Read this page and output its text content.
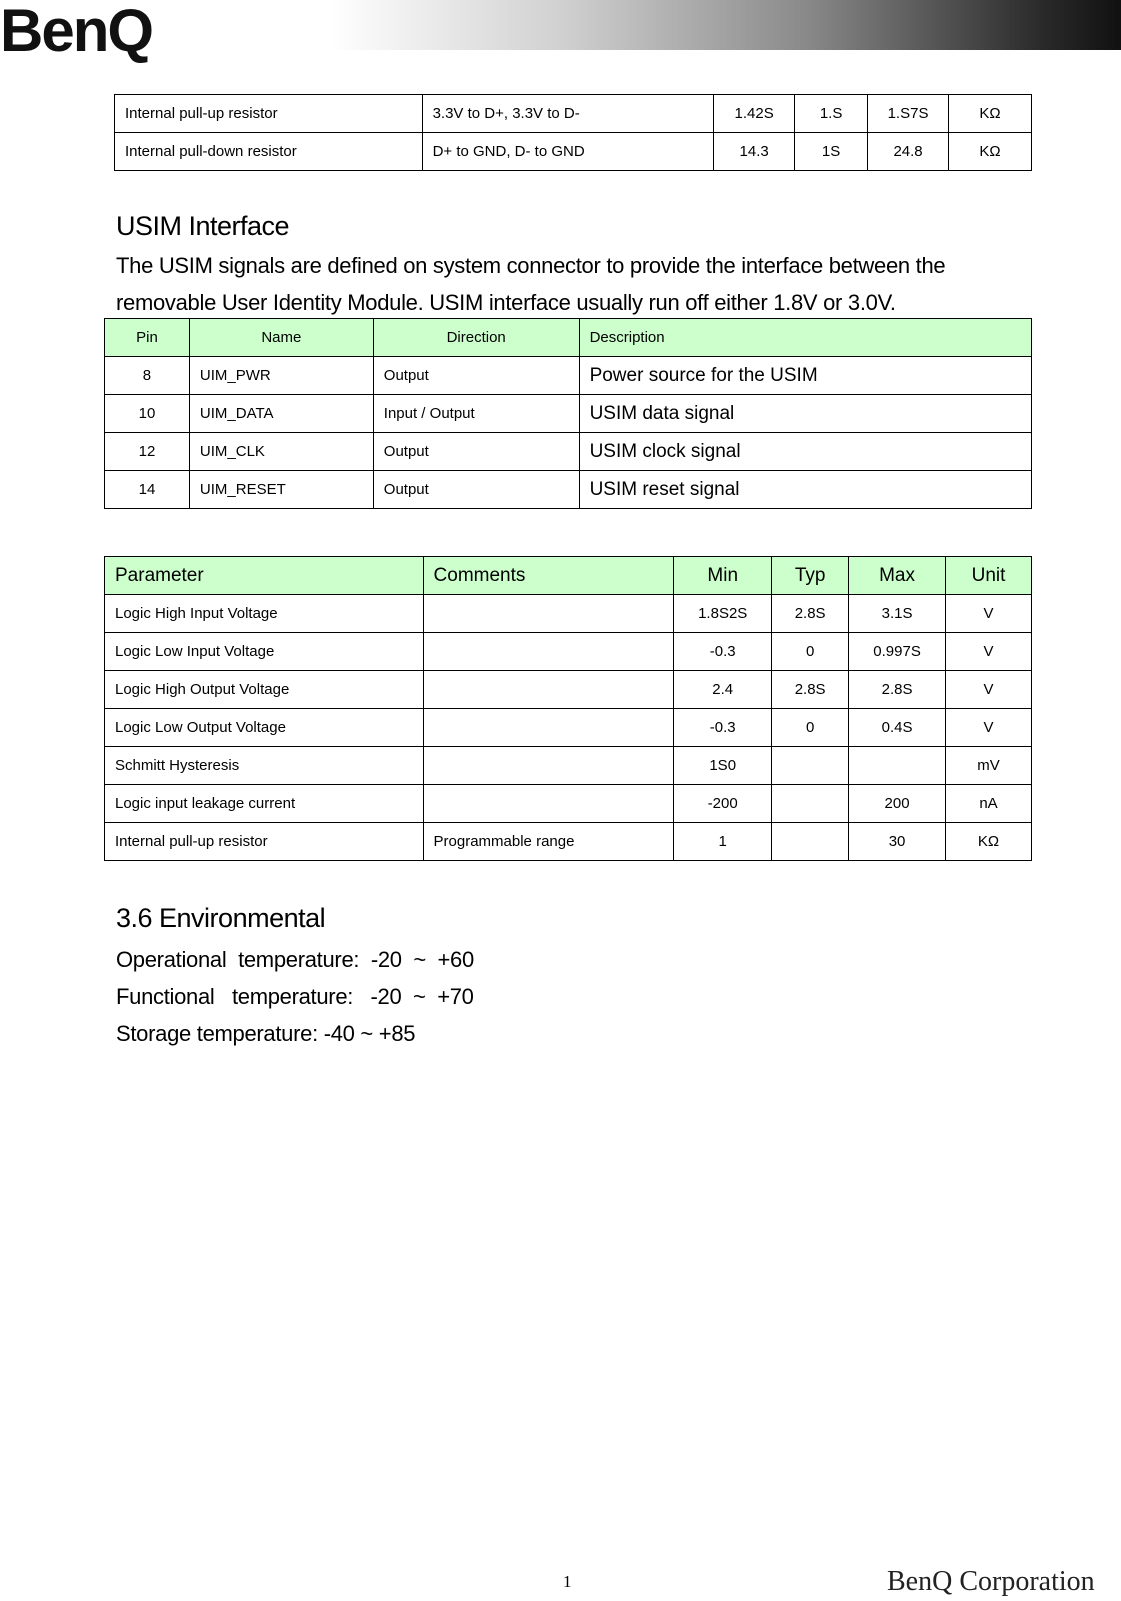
BenQ
Internal pull-up resistor	3.3V to D+, 3.3V to D-	1.42S	1.S	1.S7S	KΩ
Internal pull-down resistor	D+ to GND, D- to GND	14.3	1S	24.8	KΩ
USIM Interface

The USIM signals are defined on system connector to provide the interface between the removable User Identity Module. USIM interface usually run off either 1.8V or 3.0V.

Pin	Name	Direction	Description
8	UIM_PWR	Output	Power source for the USIM
10	UIM_DATA	Input / Output	USIM data signal
12	UIM_CLK	Output	USIM clock signal
14	UIM_RESET	Output	USIM reset signal
Parameter	Comments	Min	Typ	Max	Unit
Logic High Input Voltage		1.8S2S	2.8S	3.1S	V
Logic Low Input Voltage		-0.3	0	0.997S	V
Logic High Output Voltage		2.4	2.8S	2.8S	V
Logic Low Output Voltage		-0.3	0	0.4S	V
Schmitt Hysteresis		1S0			mV
Logic input leakage current		-200		200	nA
Internal pull-up resistor	Programmable range	1		30	KΩ
3.6 Environmental

Operational  temperature:  -20  ~  +60

Functional   temperature:   -20  ~  +70

Storage temperature: -40 ~ +85

1	BenQ Corporation
